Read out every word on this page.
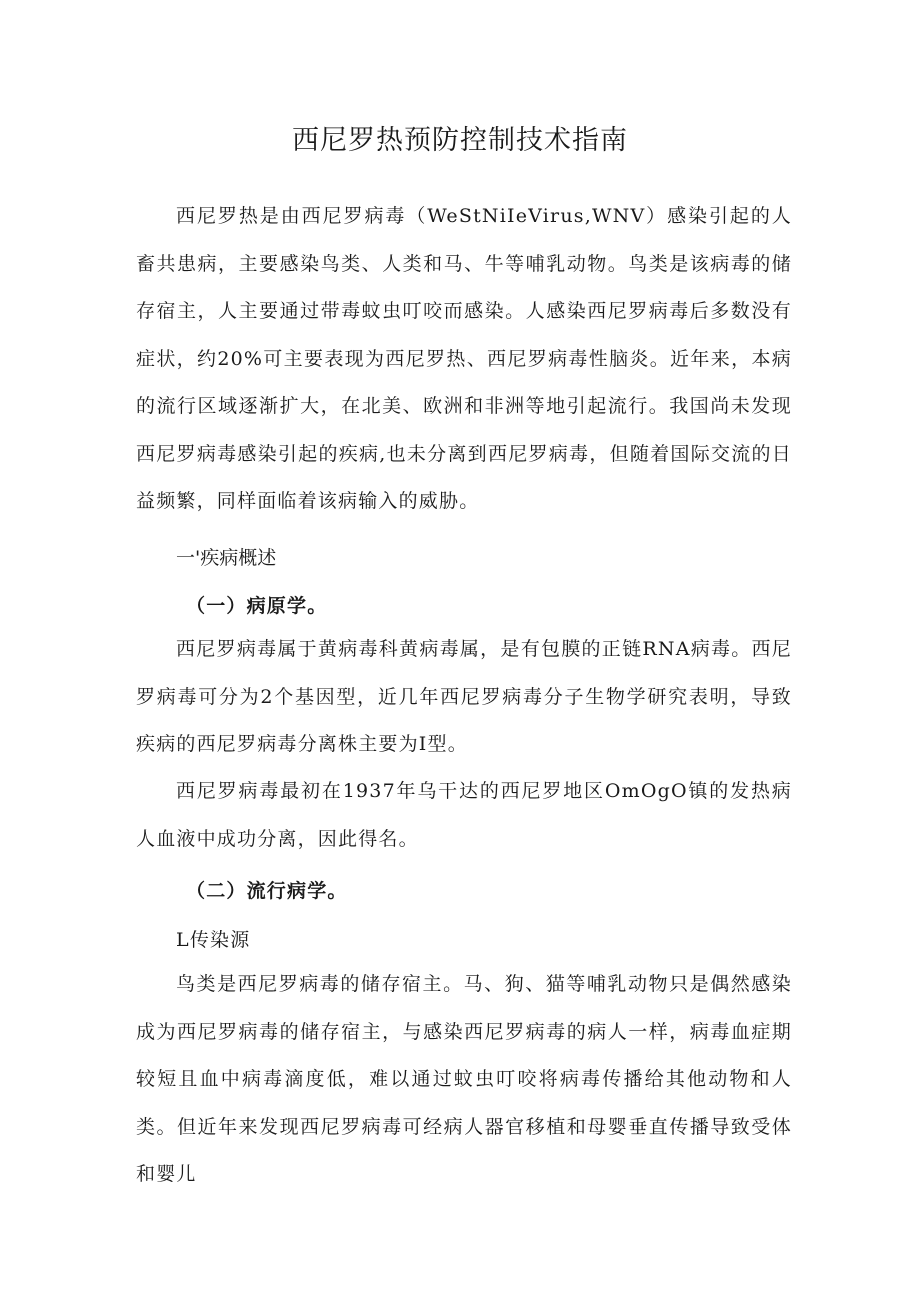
西尼罗热预防控制技术指南

西尼罗热是由西尼罗病毒（WeStNiIeVirus,WNV）感染引起的人畜共患病，主要感染鸟类、人类和马、牛等哺乳动物。鸟类是该病毒的储存宿主，人主要通过带毒蚊虫叮咬而感染。人感染西尼罗病毒后多数没有症状，约20%可主要表现为西尼罗热、西尼罗病毒性脑炎。近年来，本病的流行区域逐渐扩大，在北美、欧洲和非洲等地引起流行。我国尚未发现西尼罗病毒感染引起的疾病,也未分离到西尼罗病毒，但随着国际交流的日益频繁，同样面临着该病输入的威胁。

一'疾病概述
（一）病原学。

西尼罗病毒属于黄病毒科黄病毒属，是有包膜的正链RNA病毒。西尼罗病毒可分为2个基因型，近几年西尼罗病毒分子生物学研究表明，导致疾病的西尼罗病毒分离株主要为I型。

西尼罗病毒最初在1937年乌干达的西尼罗地区OmOgO镇的发热病人血液中成功分离，因此得名。

（二）流行病学。

L传染源

鸟类是西尼罗病毒的储存宿主。马、狗、猫等哺乳动物只是偶然感染成为西尼罗病毒的储存宿主，与感染西尼罗病毒的病人一样，病毒血症期较短且血中病毒滴度低，难以通过蚊虫叮咬将病毒传播给其他动物和人类。但近年来发现西尼罗病毒可经病人器官移植和母婴垂直传播导致受体和婴儿
